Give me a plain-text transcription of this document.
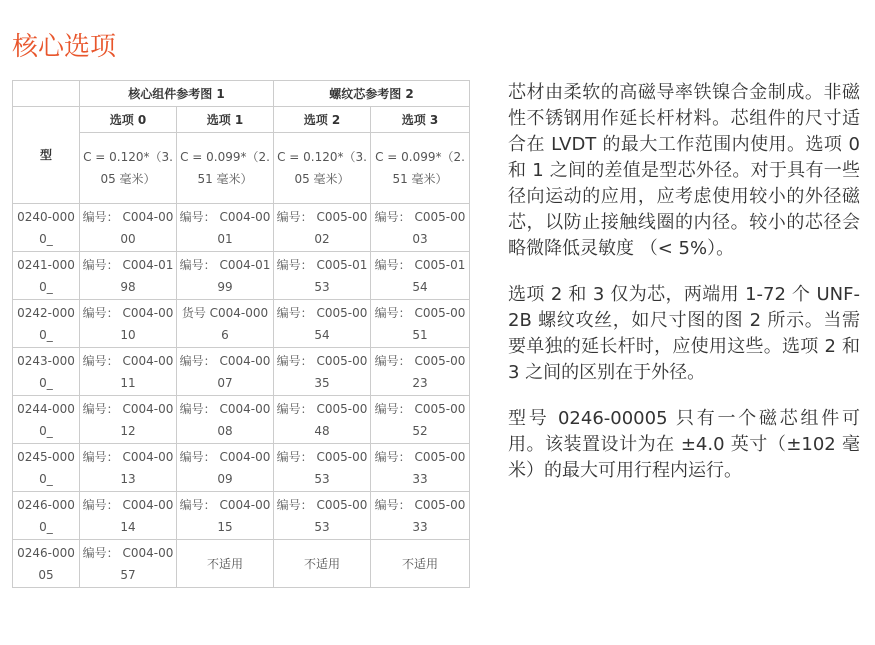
核心选项
	核心组件参考图 1		螺纹芯参考图 2	
型	选项 0	选项 1	选项 2	选项 3
	C = 0.120*（3.05 毫米）	C = 0.099*（2.51 毫米）	C = 0.120*（3.05 毫米）	C = 0.099*（2.51 毫米）
0240-0000_	编号： C004-0000	编号： C004-0001	编号： C005-0002	编号： C005-0003
0241-0000_	编号： C004-0198	编号： C004-0199	编号： C005-0153	编号： C005-0154
0242-0000_	编号： C004-0010	货号 C004-0006	编号： C005-0054	编号： C005-0051
0243-0000_	编号： C004-0011	编号： C004-0007	编号： C005-0035	编号： C005-0023
0244-0000_	编号： C004-0012	编号： C004-0008	编号： C005-0048	编号： C005-0052
0245-0000_	编号： C004-0013	编号： C004-0009	编号： C005-0053	编号： C005-0033
0246-0000_	编号： C004-0014	编号： C004-0015	编号： C005-0053	编号： C005-0033
0246-00005	编号： C004-0057	不适用	不适用	不适用

芯材由柔软的高磁导率铁镍合金制成。非磁性不锈钢用作延长杆材料。芯组件的尺寸适合在 LVDT 的最大工作范围内使用。选项 0 和 1 之间的差值是型芯外径。对于具有一些径向运动的应用，应考虑使用较小的外径磁芯，以防止接触线圈的内径。较小的芯径会略微降低灵敏度 （< 5%）。

选项 2 和 3 仅为芯，两端用 1-72 个 UNF-2B 螺纹攻丝，如尺寸图的图 2 所示。当需要单独的延长杆时，应使用这些。选项 2 和 3 之间的区别在于外径。

型号 0246-00005 只有一个磁芯组件可用。该装置设计为在 ±4.0 英寸（±102 毫米）的最大可用行程内运行。
